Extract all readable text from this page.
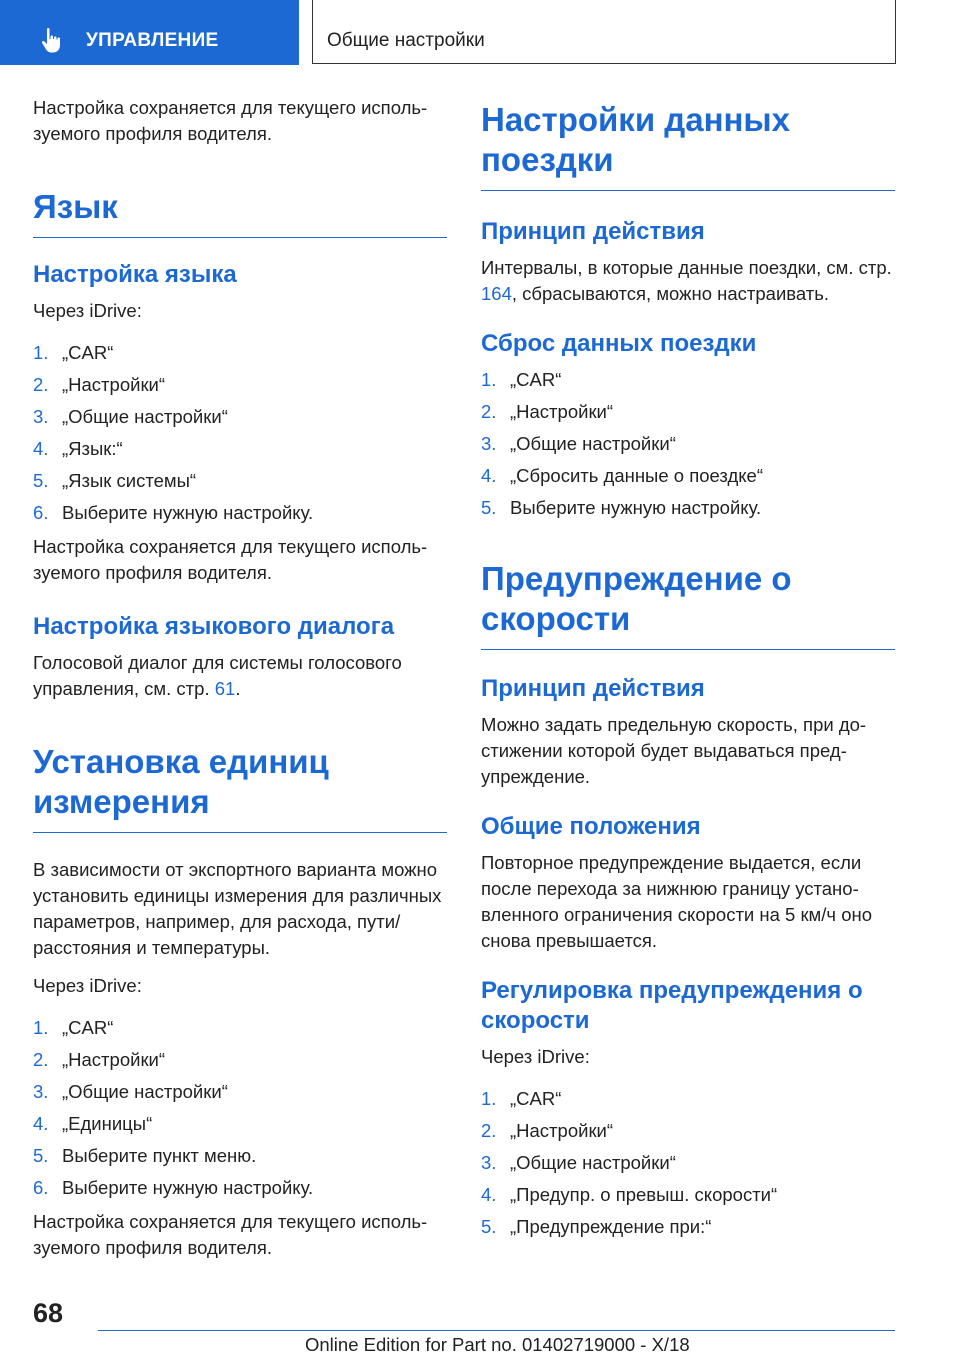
УПРАВЛЕНИЕ	Общие настройки

Настройка сохраняется для текущего используемого профиля водителя.

Язык
Настройка языка

Через iDrive:

1. „CAR“
2. „Настройки“
3. „Общие настройки“
4. „Язык:“
5. „Язык системы“
6. Выберите нужную настройку.

Настройка сохраняется для текущего используемого профиля водителя.

Настройка языкового диалога

Голосовой диалог для системы голосового управления, см. стр. 61.

Установка единиц измерения

В зависимости от экспортного варианта можно установить единицы измерения для различных параметров, например, для расхода, пути/расстояния и температуры.

Через iDrive:

1. „CAR“
2. „Настройки“
3. „Общие настройки“
4. „Единицы“
5. Выберите пункт меню.
6. Выберите нужную настройку.

Настройка сохраняется для текущего используемого профиля водителя.

Настройки данных поездки
Принцип действия

Интервалы, в которые данные поездки, см. стр. 164, сбрасываются, можно настраивать.

Сброс данных поездки
1. „CAR“
2. „Настройки“
3. „Общие настройки“
4. „Сбросить данные о поездке“
5. Выберите нужную настройку.
Предупреждение о скорости
Принцип действия

Можно задать предельную скорость, при достижении которой будет выдаваться предупреждение.

Общие положения

Повторное предупреждение выдается, если после перехода за нижнюю границу установленного ограничения скорости на 5 км/ч оно снова превышается.

Регулировка предупреждения о скорости

Через iDrive:

1. „CAR“
2. „Настройки“
3. „Общие настройки“
4. „Предупр. о превыш. скорости“
5. „Предупреждение при:“
68
Online Edition for Part no. 01402719000 - X/18
